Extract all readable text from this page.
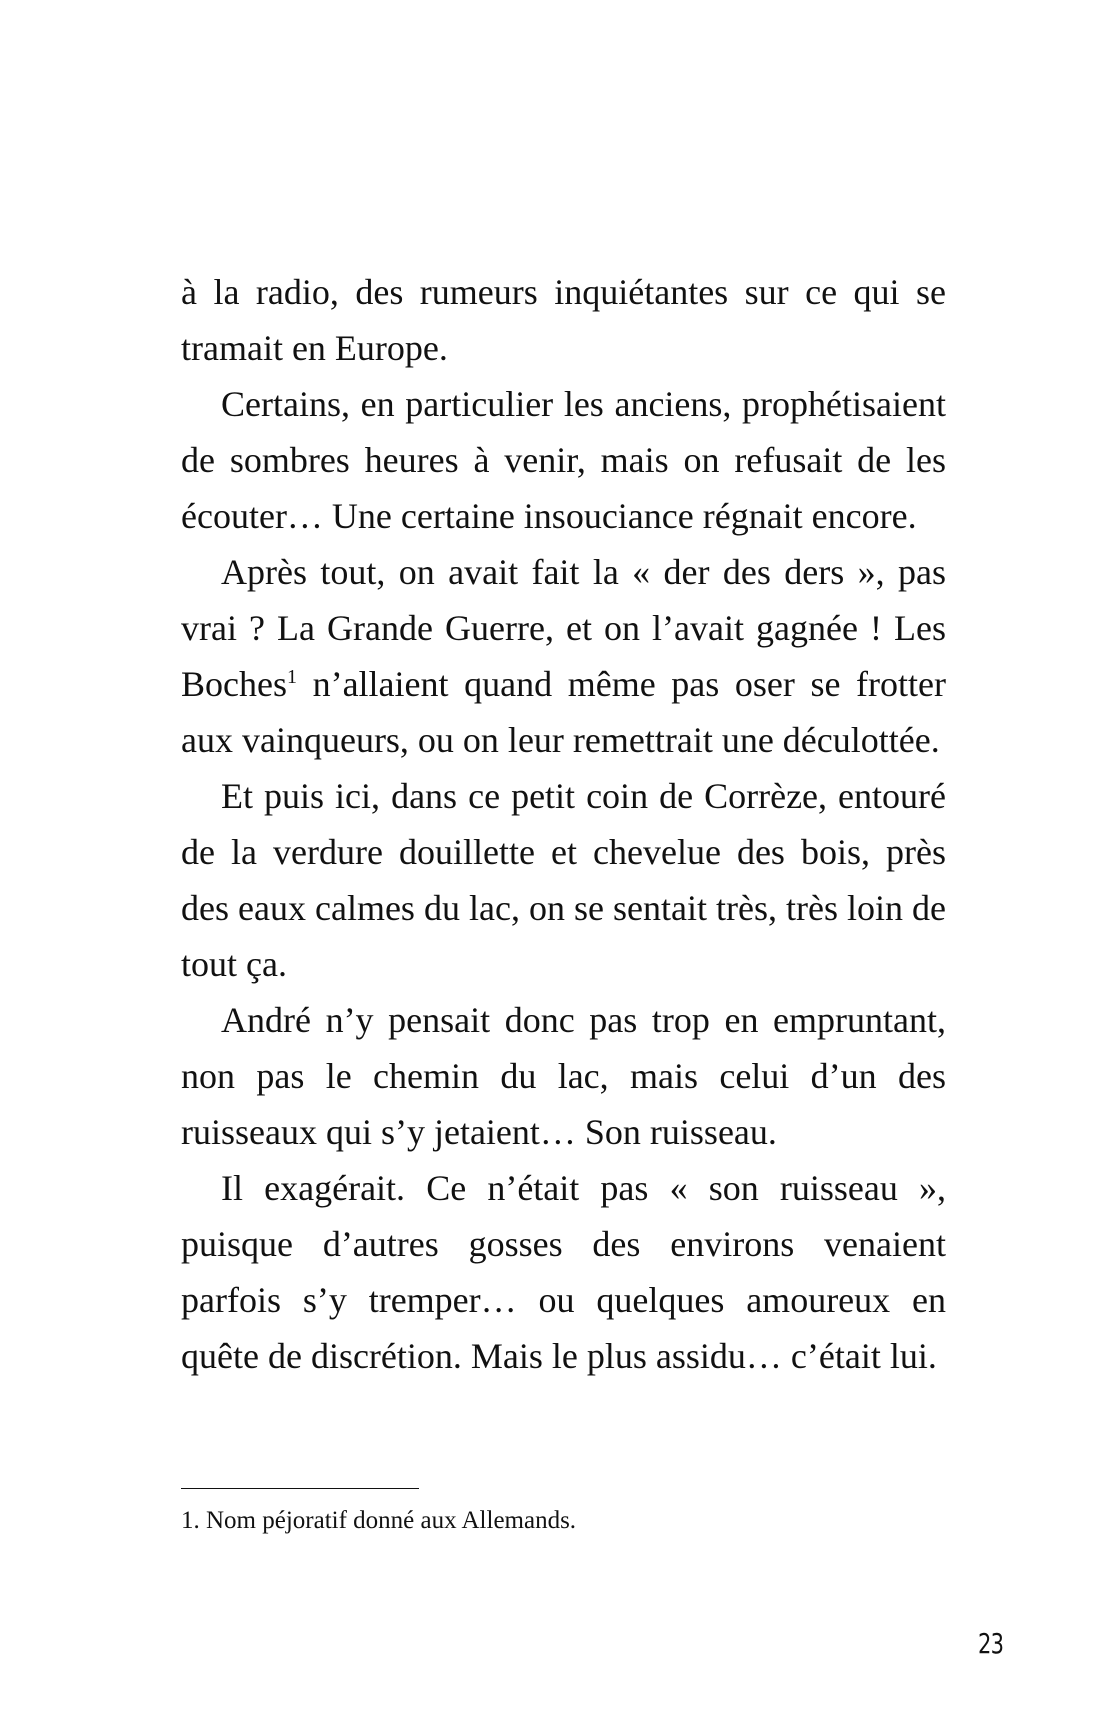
à la radio, des rumeurs inquiétantes sur ce qui se tramait en Europe.

Certains, en particulier les anciens, prophétisaient de sombres heures à venir, mais on refusait de les écouter… Une certaine insouciance régnait encore.

Après tout, on avait fait la « der des ders », pas vrai ? La Grande Guerre, et on l’avait gagnée ! Les Boches$^1$ n’allaient quand même pas oser se frotter aux vainqueurs, ou on leur remettrait une déculottée.

Et puis ici, dans ce petit coin de Corrèze, entouré de la verdure douillette et chevelue des bois, près des eaux calmes du lac, on se sentait très, très loin de tout ça.

André n’y pensait donc pas trop en empruntant, non pas le chemin du lac, mais celui d’un des ruisseaux qui s’y jetaient… Son ruisseau.

Il exagérait. Ce n’était pas « son ruisseau », puisque d’autres gosses des environs venaient parfois s’y tremper… ou quelques amoureux en quête de discrétion. Mais le plus assidu… c’était lui.

1. Nom péjoratif donné aux Allemands.

23
